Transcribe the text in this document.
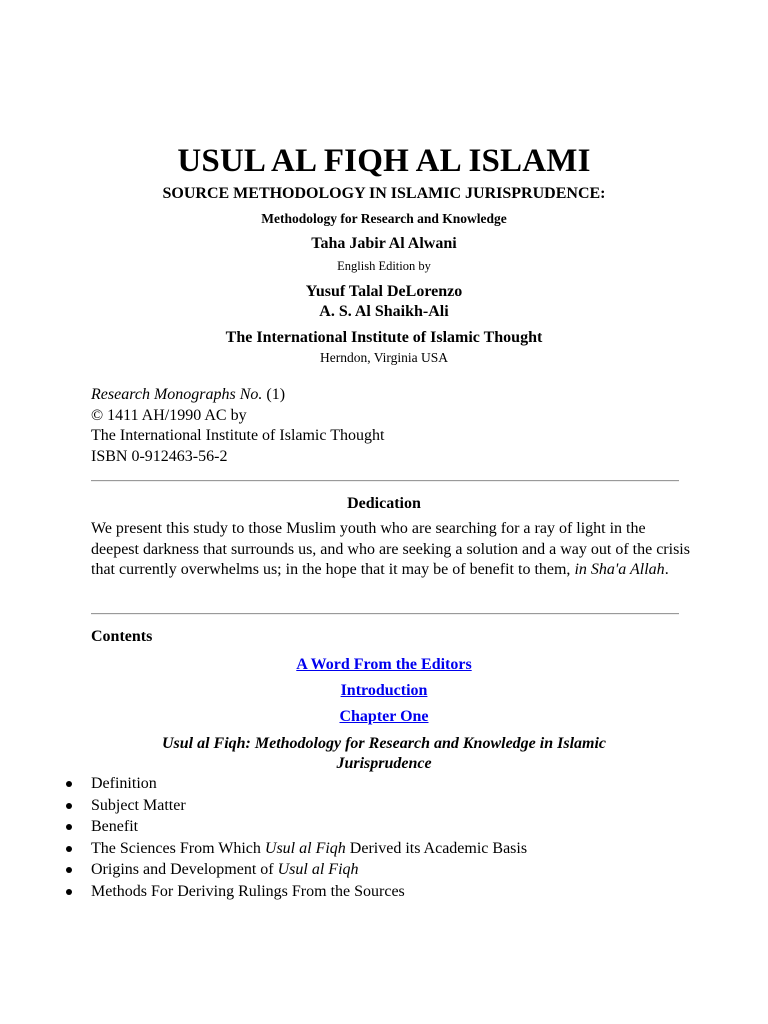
USUL AL FIQH AL ISLAMI
SOURCE METHODOLOGY IN ISLAMIC JURISPRUDENCE:
Methodology for Research and Knowledge
Taha Jabir Al Alwani
English Edition by
Yusuf Talal DeLorenzo
A. S. Al Shaikh-Ali
The International Institute of Islamic Thought
Herndon, Virginia USA
Research Monographs No. (1)
© 1411 AH/1990 AC by
The International Institute of Islamic Thought
ISBN 0-912463-56-2
Dedication
We present this study to those Muslim youth who are searching for a ray of light in the deepest darkness that surrounds us, and who are seeking a solution and a way out of the crisis that currently overwhelms us; in the hope that it may be of benefit to them, in Sha'a Allah.
Contents
A Word From the Editors
Introduction
Chapter One
Usul al Fiqh: Methodology for Research and Knowledge in Islamic Jurisprudence
Definition
Subject Matter
Benefit
The Sciences From Which Usul al Fiqh Derived its Academic Basis
Origins and Development of Usul al Fiqh
Methods For Deriving Rulings From the Sources
